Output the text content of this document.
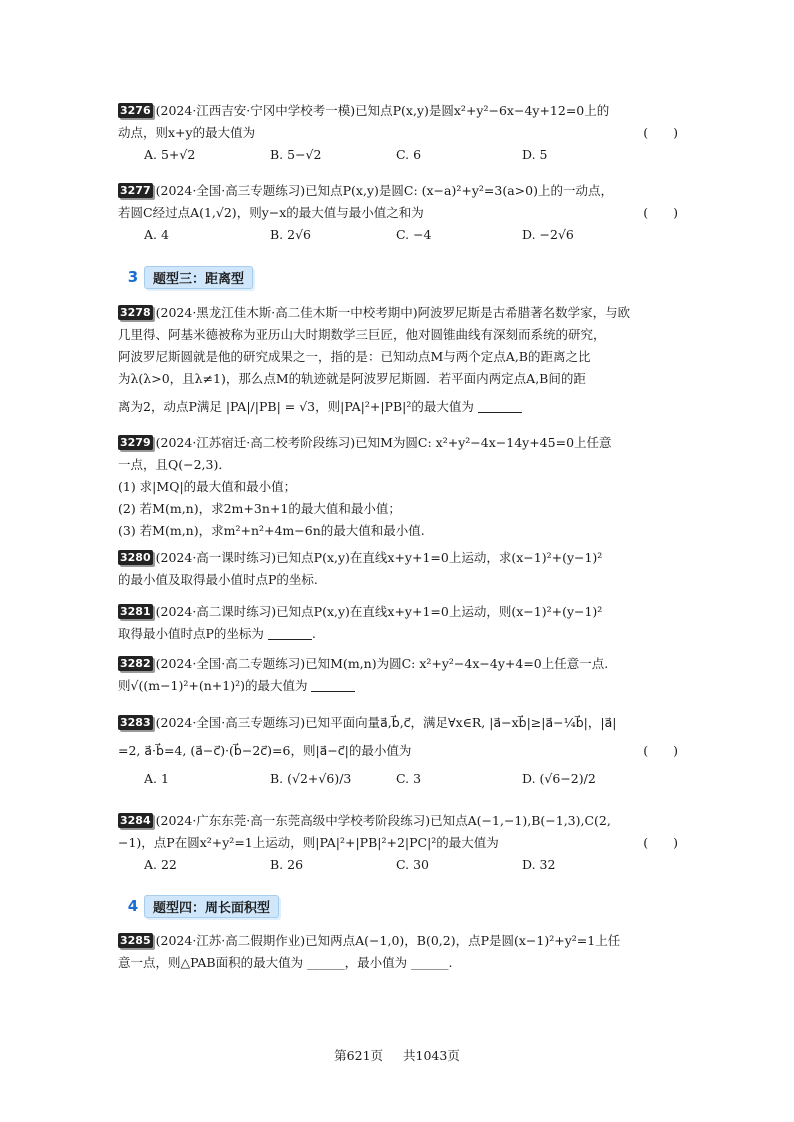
3276 (2024·江西吉安·宁冈中学校考一模)已知点P(x,y)是圆x²+y²−6x−4y+12=0上的
动点，则x+y的最大值为	(　　)
A. 5+√2	B. 5−√2	C. 6	D. 5
3277 (2024·全国·高三专题练习)已知点P(x,y)是圆C: (x−a)²+y²=3(a>0)上的一动点，
若圆C经过点A(1,√2)，则y−x的最大值与最小值之和为	(　　)
A. 4	B. 2√6	C. −4	D. −2√6
3	题型三：距离型
3278 (2024·黑龙江佳木斯·高二佳木斯一中校考期中)阿波罗尼斯是古希腊著名数学家，与欧
几里得、阿基米德被称为亚历山大时期数学三巨匠，他对圆锥曲线有深刻而系统的研究，
阿波罗尼斯圆就是他的研究成果之一，指的是：已知动点M与两个定点A,B的距离之比
为λ(λ>0，且λ≠1)，那么点M的轨迹就是阿波罗尼斯圆．若平面内两定点A,B间的距
离为2，动点P满足 |PA|/|PB| = √3，则|PA|²+|PB|²的最大值为
3279 (2024·江苏宿迁·高二校考阶段练习)已知M为圆C: x²+y²−4x−14y+45=0上任意
一点，且Q(−2,3)．
(1) 求|MQ|的最大值和最小值；
(2) 若M(m,n)，求2m+3n+1的最大值和最小值；
(3) 若M(m,n)，求m²+n²+4m−6n的最大值和最小值.
3280 (2024·高一课时练习)已知点P(x,y)在直线x+y+1=0上运动，求(x−1)²+(y−1)²
的最小值及取得最小值时点P的坐标.
3281 (2024·高二课时练习)已知点P(x,y)在直线x+y+1=0上运动，则(x−1)²+(y−1)²
取得最小值时点P的坐标为	.
3282 (2024·全国·高二专题练习)已知M(m,n)为圆C: x²+y²−4x−4y+4=0上任意一点.
则√((m−1)²+(n+1)²)的最大值为
3283 (2024·全国·高三专题练习)已知平面向量a⃗,b⃗,c⃗，满足∀x∈R, |a⃗−xb⃗|≥|a⃗−¼b⃗|，|a⃗|
=2, a⃗·b⃗=4, (a⃗−c⃗)·(b⃗−2c⃗)=6，则|a⃗−c⃗|的最小值为	(　　)
A. 1	B. (√2+√6)/3	C. 3	D. (√6−2)/2
3284 (2024·广东东莞·高一东莞高级中学校考阶段练习)已知点A(−1,−1),B(−1,3),C(2,
−1)，点P在圆x²+y²=1上运动，则|PA|²+|PB|²+2|PC|²的最大值为	(　　)
A. 22	B. 26	C. 30	D. 32
4	题型四：周长面积型
3285 (2024·江苏·高二假期作业)已知两点A(−1,0)，B(0,2)，点P是圆(x−1)²+y²=1上任
意一点，则△PAB面积的最大值为 ______，最小值为 ______.
第621页 共1043页
